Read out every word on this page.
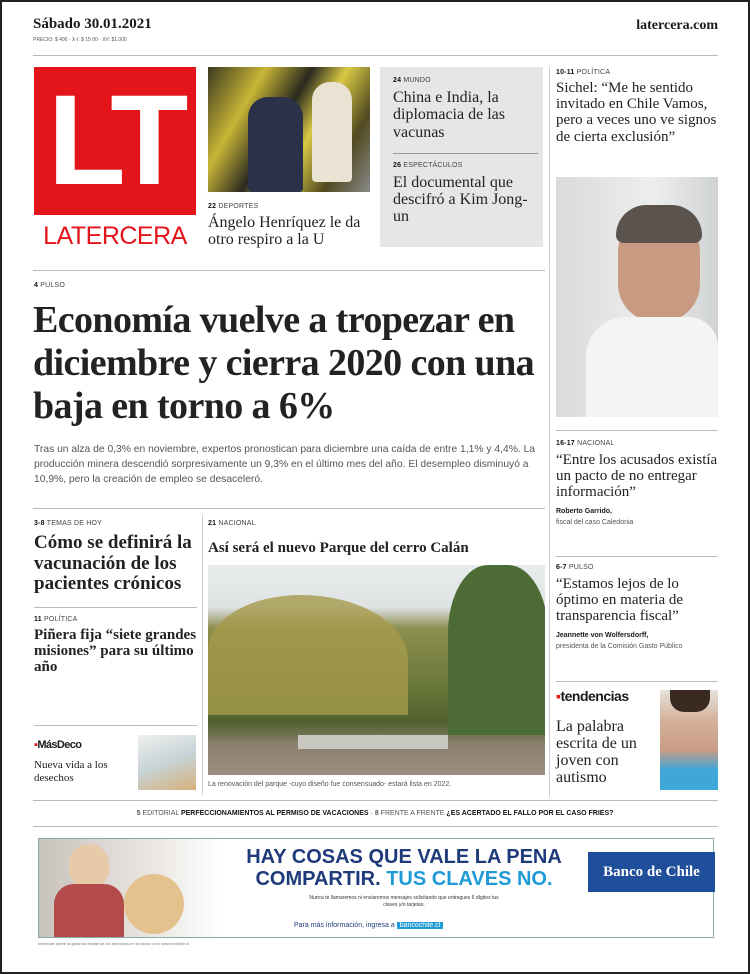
Sábado 30.01.2021
PRECIO: $ 400 · X-I: $ 15 00 · XV: $1.000
latercera.com
LT
LATERCERA
22 DEPORTES
Ángelo Henríquez le da otro respiro a la U
24 MUNDO
China e India, la diplomacia de las vacunas
26 ESPECTÁCULOS
El documental que descifró a Kim Jong-un
10-11 POLÍTICA
Sichel: “Me he sentido invitado en Chile Vamos, pero a veces uno ve signos de cierta exclusión”
4 PULSO
Economía vuelve a tropezar en diciembre y cierra 2020 con una baja en torno a 6%
Tras un alza de 0,3% en noviembre, expertos pronostican para diciembre una caída de entre 1,1% y 4,4%. La producción minera descendió sorpresivamente un 9,3% en el último mes del año. El desempleo disminuyó a 10,9%, pero la creación de empleo se desaceleró.
3-8 TEMAS DE HOY
Cómo se definirá la vacunación de los pacientes crónicos
11 POLÍTICA
Piñera fija “siete grandes misiones” para su último año
▪MásDeco
Nueva vida a los desechos
21 NACIONAL
Así será el nuevo Parque del cerro Calán
La renovación del parque -cuyo diseño fue consensuado- estará lista en 2022.
16-17 NACIONAL
“Entre los acusados existía un pacto de no entregar información”
Roberto Garrido,
fiscal del caso Caledonia
6-7 PULSO
“Estamos lejos de lo óptimo en materia de transparencia fiscal”
Jeannette von Wolfersdorff,
presidenta de la Comisión Gasto Público
▪tendencias
La palabra escrita de un joven con autismo
5 EDITORIAL PERFECCIONAMIENTOS AL PERMISO DE VACACIONES · 8 FRENTE A FRENTE ¿ES ACERTADO EL FALLO POR EL CASO FRIES?
HAY COSAS QUE VALE LA PENA
COMPARTIR. TUS CLAVES NO.
Nunca te llamaremos ni enviaremos mensajes solicitando que entregues 6 dígitos tus claves y/o tarjetas.
Para más información, ingresa a bancochile.cl
Banco de Chile
Infórmate sobre la garantía estatal de los depósitos en tu banco o en www.cmfchile.cl
